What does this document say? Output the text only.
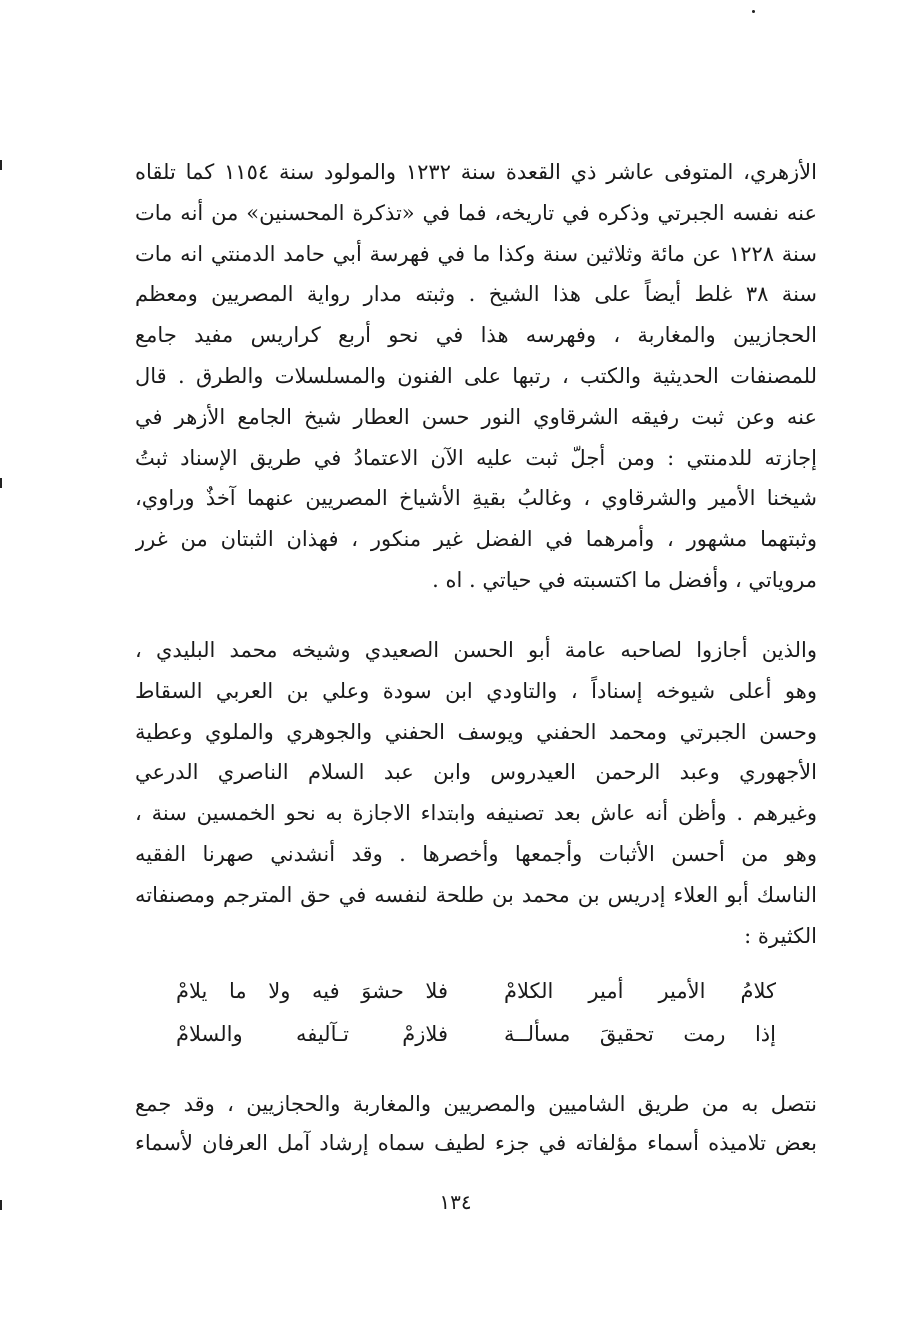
الأزهري، المتوفى عاشر ذي القعدة سنة ١٢٣٢ والمولود سنة ١١٥٤ كما تلقاه
عنه نفسه الجبرتي وذكره في تاريخه، فما في «تذكرة المحسنين» من أنه مات
سنة ١٢٢٨ عن مائة وثلاثين سنة وكذا ما في فهرسة أبي حامد الدمنتي انه مات
سنة ٣٨ غلط أيضاً على هذا الشيخ . وثبته مدار رواية المصريين ومعظم
الحجازيين والمغاربة ، وفهرسه هذا في نحو أربع كراريس مفيد جامع
للمصنفات الحديثية والكتب ، رتبها على الفنون والمسلسلات والطرق . قال
عنه وعن ثبت رفيقه الشرقاوي النور حسن العطار شيخ الجامع الأزهر في
إجازته للدمنتي : ومن أجلّ ثبت عليه الآن الاعتمادُ في طريق الإسناد ثبتُ
شيخنا الأمير والشرقاوي ، وغالبُ بقيةِ الأشياخ المصريين عنهما آخذٌ وراوي،
وثبتهما مشهور ، وأمرهما في الفضل غير منكور ، فهذان الثبتان من غرر
مروياتي ، وأفضل ما اكتسبته في حياتي . اه .
والذين أجازوا لصاحبه عامة أبو الحسن الصعيدي وشيخه محمد البليدي ،
وهو أعلى شيوخه إسناداً ، والتاودي ابن سودة وعلي بن العربي السقاط
وحسن الجبرتي ومحمد الحفني ويوسف الحفني والجوهري والملوي وعطية
الأجهوري وعبد الرحمن العيدروس وابن عبد السلام الناصري الدرعي
وغيرهم . وأظن أنه عاش بعد تصنيفه وابتداء الاجازة به نحو الخمسين سنة ،
وهو من أحسن الأثبات وأجمعها وأخصرها . وقد أنشدني صهرنا الفقيه
الناسك أبو العلاء إدريس بن محمد بن طلحة لنفسه في حق المترجم ومصنفاته
الكثيرة :
كلامُ الأمير أمير الكلامْ
فلا حشوَ فيه ولا ما يلامْ
إذا رمت تحقيقَ مسألــة
فلازمْ تـآليفه والسلامْ
نتصل به من طريق الشاميين والمصريين والمغاربة والحجازيين ، وقد جمع
بعض تلاميذه أسماء مؤلفاته في جزء لطيف سماه إرشاد آمل العرفان لأسماء
١٣٤
